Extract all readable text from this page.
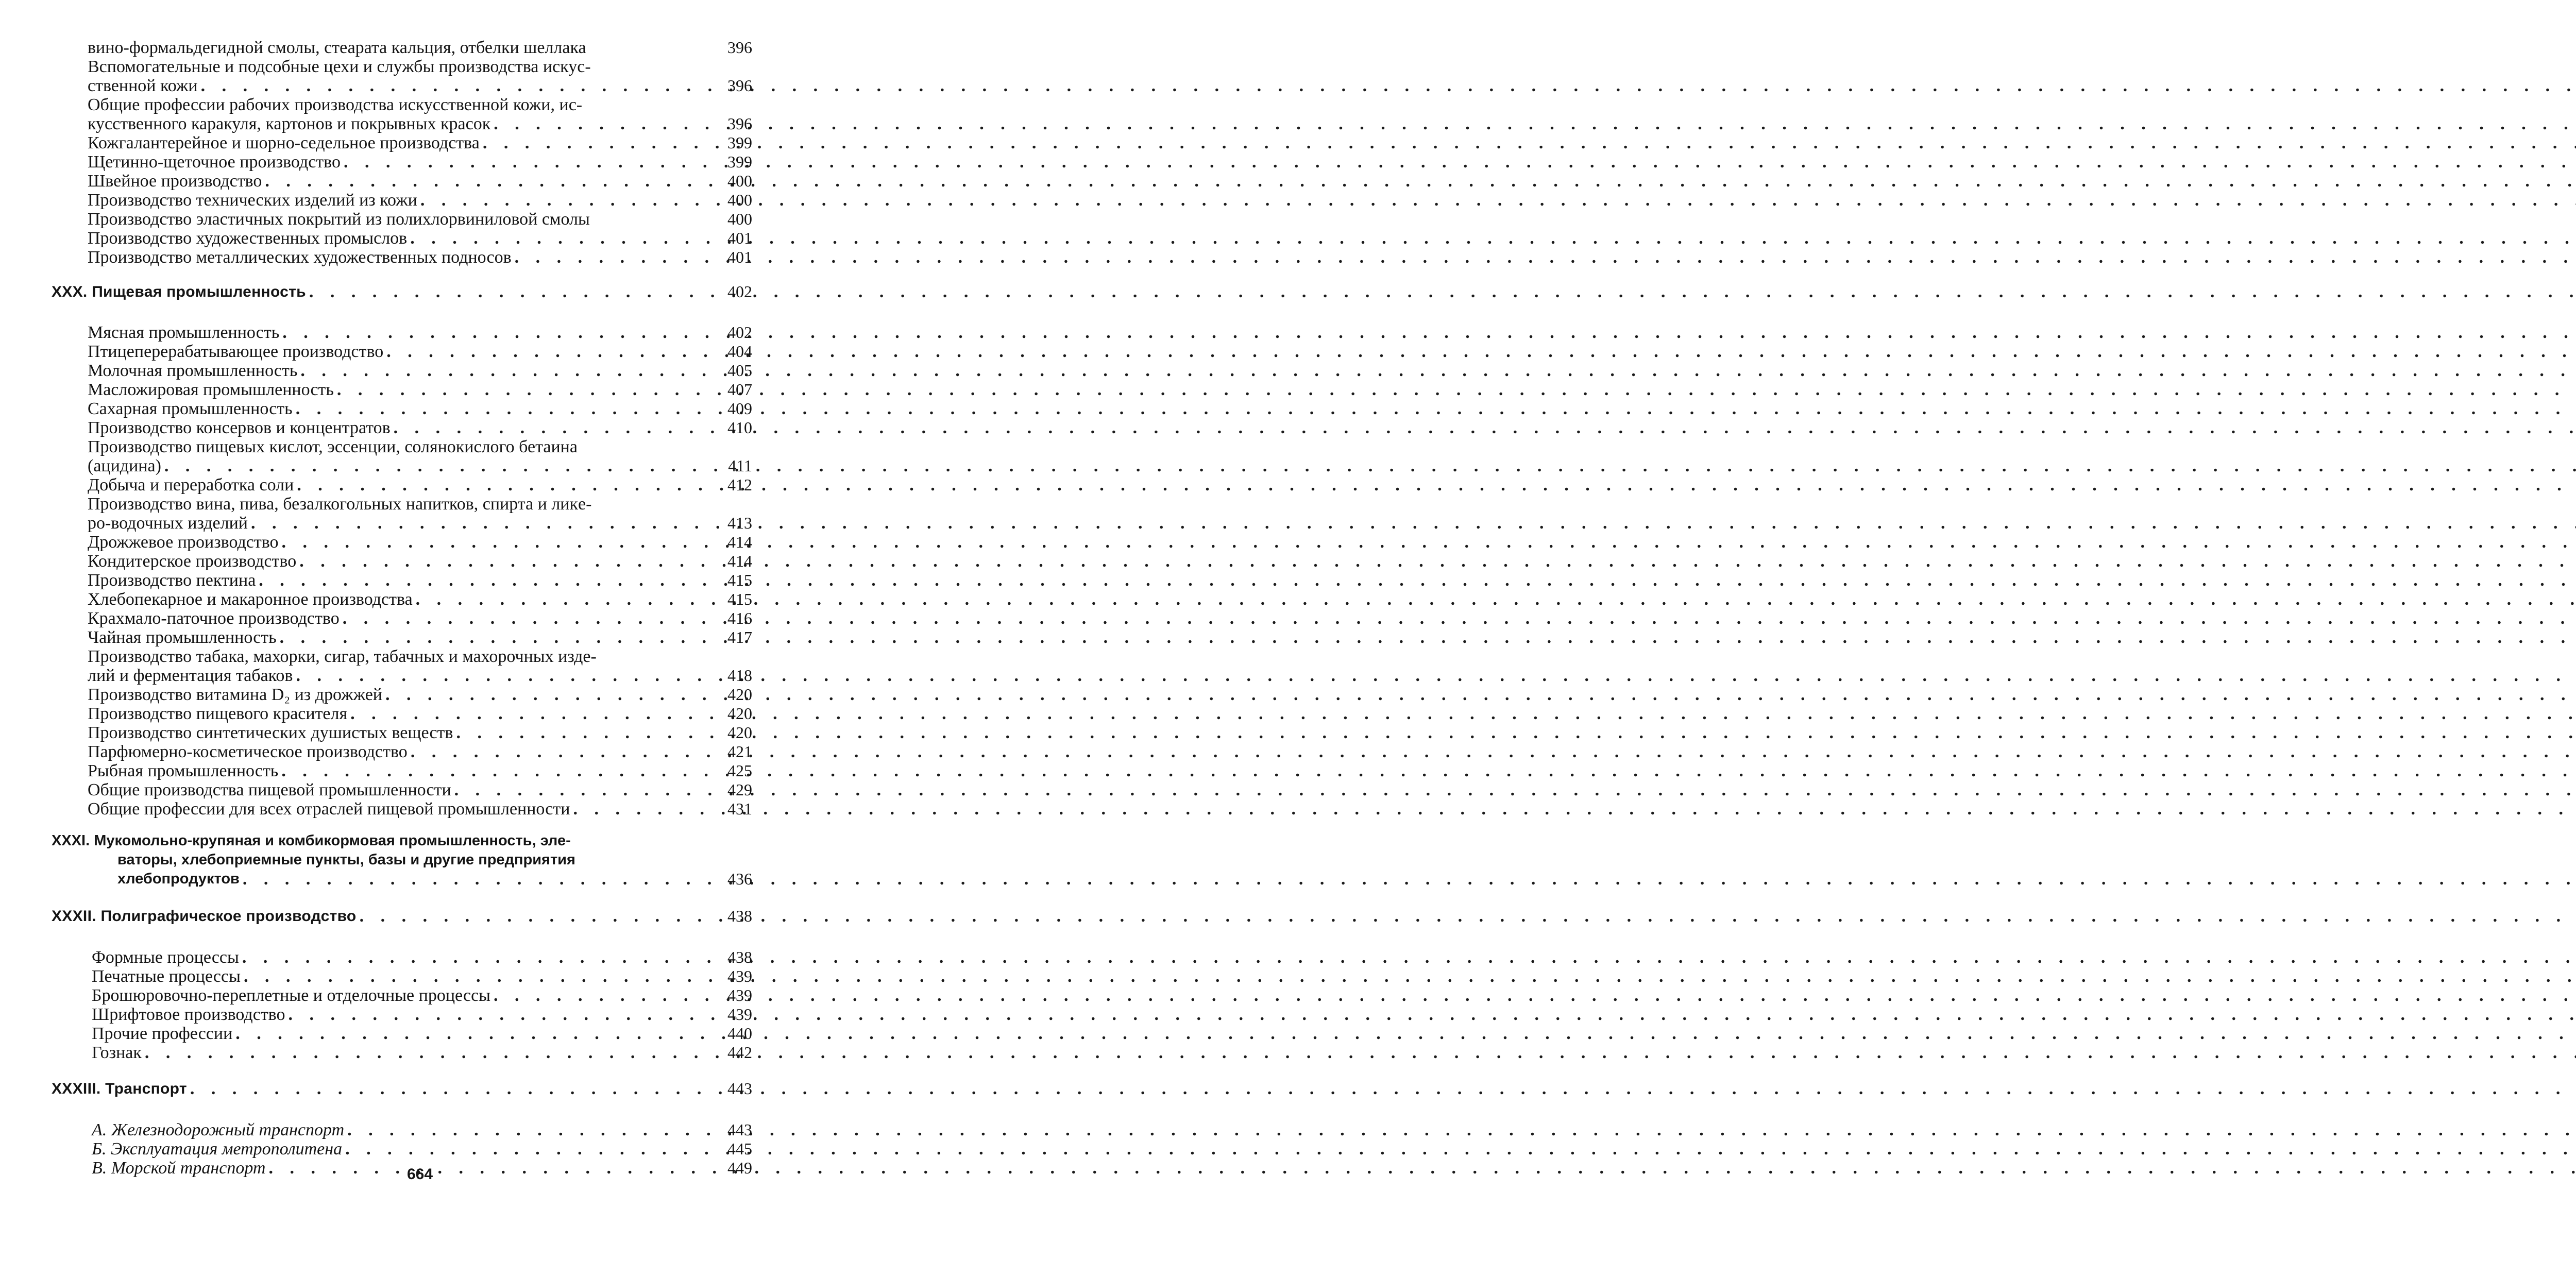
вино-формальдегидной смолы, стеарата кальция, отбелки шеллака	396
Вспомогательные и подсобные цехи и службы производства искус-
ственной кожи . . .	396
Общие профессии рабочих производства искусственной кожи, ис-
кусственного каракуля, картонов и покрывных красок . . .	396
Кожгалантерейное и шорно-седельное производства . . .	399
Щетинно-щеточное производство . . .	399
Швейное производство . . .	400
Производство технических изделий из кожи . . .	400
Производство эластичных покрытий из полихлорвиниловой смолы	400
Производство художественных промыслов . . .	401
Производство металлических художественных подносов . . .	401
XXX. Пищевая промышленность . . .	402
Мясная промышленность . . .	402
Птицеперерабатывающее производство . . .	404
Молочная промышленность . . .	405
Масложировая промышленность . . .	407
Сахарная промышленность . . .	409
Производство консервов и концентратов . . .	410
Производство пищевых кислот, эссенции, солянокислого бетаина
(ацидина) . . .	411
Добыча и переработка соли . . .	412
Производство вина, пива, безалкогольных напитков, спирта и ликe-
ро-водочных изделий . . .	413
Дрожжевое производство . . .	414
Кондитерское производство . . .	414
Производство пектина . . .	415
Хлебопекарное и макаронное производства . . .	415
Крахмало-паточное производство . . .	416
Чайная промышленность . . .	417
Производство табака, махорки, сигар, табачных и махорочных изде-
лий и ферментация табаков . . .	418
Производство витамина D₂ из дрожжей . . .	420
Производство пищевого красителя . . .	420
Производство синтетических душистых веществ . . .	420
Парфюмерно-косметическое производство . . .	421
Рыбная промышленность . . .	425
Общие производства пищевой промышленности . . .	429
Общие профессии для всех отраслей пищевой промышленности . . .	431
XXXI. Мукомольно-крупяная и комбикормовая промышленность, эле-
ваторы, хлебоприемные пункты, базы и другие предприятия
хлебопродуктов . . .	436
XXXII. Полиграфическое производство . . .	438
Формные процессы . . .	438
Печатные процессы . . .	439
Брошюровочно-переплетные и отделочные процессы . . .	439
Шрифтовое производство . . .	439
Прочие профессии . . .	440
Гознак . . .	442
XXXIII. Транспорт . . .	443
А. Железнодорожный транспорт . . .	443
Б. Эксплуатация метрополитена . . .	445
В. Морской транспорт . . .	449
664
